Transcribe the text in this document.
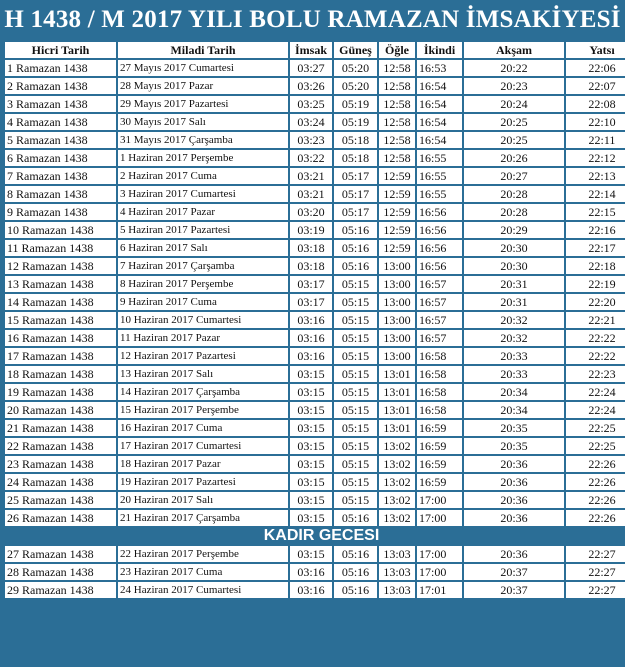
H 1438 / M 2017 YILI BOLU RAMAZAN İMSAKİYESİ
Hicri Tarih	Miladi Tarih	İmsak	Güneş	Öğle	İkindi	Akşam	Yatsı
1 Ramazan 1438	27 Mayıs 2017 Cumartesi	03:27	05:20	12:58	16:53	20:22	22:06
2 Ramazan 1438	28 Mayıs 2017 Pazar	03:26	05:20	12:58	16:54	20:23	22:07
3 Ramazan 1438	29 Mayıs 2017 Pazartesi	03:25	05:19	12:58	16:54	20:24	22:08
4 Ramazan 1438	30 Mayıs 2017 Salı	03:24	05:19	12:58	16:54	20:25	22:10
5 Ramazan 1438	31 Mayıs 2017 Çarşamba	03:23	05:18	12:58	16:54	20:25	22:11
6 Ramazan 1438	1 Haziran 2017 Perşembe	03:22	05:18	12:58	16:55	20:26	22:12
7 Ramazan 1438	2 Haziran 2017 Cuma	03:21	05:17	12:59	16:55	20:27	22:13
8 Ramazan 1438	3 Haziran 2017 Cumartesi	03:21	05:17	12:59	16:55	20:28	22:14
9 Ramazan 1438	4 Haziran 2017 Pazar	03:20	05:17	12:59	16:56	20:28	22:15
10 Ramazan 1438	5 Haziran 2017 Pazartesi	03:19	05:16	12:59	16:56	20:29	22:16
11 Ramazan 1438	6 Haziran 2017 Salı	03:18	05:16	12:59	16:56	20:30	22:17
12 Ramazan 1438	7 Haziran 2017 Çarşamba	03:18	05:16	13:00	16:56	20:30	22:18
13 Ramazan 1438	8 Haziran 2017 Perşembe	03:17	05:15	13:00	16:57	20:31	22:19
14 Ramazan 1438	9 Haziran 2017 Cuma	03:17	05:15	13:00	16:57	20:31	22:20
15 Ramazan 1438	10 Haziran 2017 Cumartesi	03:16	05:15	13:00	16:57	20:32	22:21
16 Ramazan 1438	11 Haziran 2017 Pazar	03:16	05:15	13:00	16:57	20:32	22:22
17 Ramazan 1438	12 Haziran 2017 Pazartesi	03:16	05:15	13:00	16:58	20:33	22:22
18 Ramazan 1438	13 Haziran 2017 Salı	03:15	05:15	13:01	16:58	20:33	22:23
19 Ramazan 1438	14 Haziran 2017 Çarşamba	03:15	05:15	13:01	16:58	20:34	22:24
20 Ramazan 1438	15 Haziran 2017 Perşembe	03:15	05:15	13:01	16:58	20:34	22:24
21 Ramazan 1438	16 Haziran 2017 Cuma	03:15	05:15	13:01	16:59	20:35	22:25
22 Ramazan 1438	17 Haziran 2017 Cumartesi	03:15	05:15	13:02	16:59	20:35	22:25
23 Ramazan 1438	18 Haziran 2017 Pazar	03:15	05:15	13:02	16:59	20:36	22:26
24 Ramazan 1438	19 Haziran 2017 Pazartesi	03:15	05:15	13:02	16:59	20:36	22:26
25 Ramazan 1438	20 Haziran 2017 Salı	03:15	05:15	13:02	17:00	20:36	22:26
26 Ramazan 1438	21 Haziran 2017 Çarşamba	03:15	05:16	13:02	17:00	20:36	22:26
KADİR GECESİ							
27 Ramazan 1438	22 Haziran 2017 Perşembe	03:15	05:16	13:03	17:00	20:36	22:27
28 Ramazan 1438	23 Haziran 2017 Cuma	03:16	05:16	13:03	17:00	20:37	22:27
29 Ramazan 1438	24 Haziran 2017 Cumartesi	03:16	05:16	13:03	17:01	20:37	22:27
